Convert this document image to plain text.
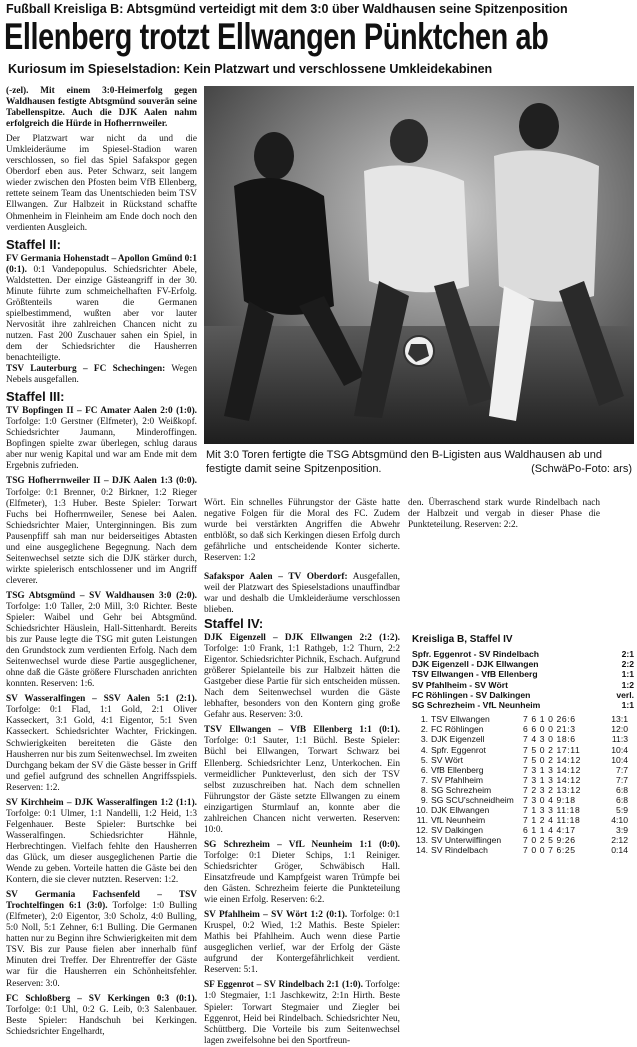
Fußball Kreisliga B: Abtsgmünd verteidigt mit dem 3:0 über Waldhausen seine Spitzenposition
Ellenberg trotzt Ellwangen Pünktchen ab
Kuriosum im Spieselstadion: Kein Platzwart und verschlossene Umkleidekabinen

(-zel). Mit einem 3:0-Heimerfolg gegen Waldhausen festigte Abtsgmünd souverän seine Tabellenspitze. Auch die DJK Aalen nahm erfolgreich die Hürde in Hofherrnweiler.

Der Platzwart war nicht da und die Umkleideräume im Spiesel-Stadion waren verschlossen, so fiel das Spiel Safakspor gegen Oberdorf eben aus. Peter Schwarz, seit langem wieder zwischen den Pfosten beim VfB Ellenberg, rettete seinem Team das Unentschieden beim TSV Ellwangen. Zur Halbzeit in Rückstand schaffte Ohmenheim in Fleinheim am Ende doch noch den verdienten Ausgleich.

Staffel II:

FV Germania Hohenstadt – Apollon Gmünd 0:1 (0:1). 0:1 Vandepopulus. Schiedsrichter Abele, Waldstetten. Der einzige Gästeangriff in der 30. Minute führte zum schmeichelhaften FV-Erfolg. Größtenteils waren die Germanen spielbestimmend, wußten aber vor lauter Nervosität ihre zahlreichen Chancen nicht zu nutzen. Fast 200 Zuschauer sahen ein Spiel, in dem der Schiedsrichter die Hausherren benachteiligte.

TSV Lauterburg – FC Schechingen: Wegen Nebels ausgefallen.

Staffel III:

TV Bopfingen II – FC Amater Aalen 2:0 (1:0). Torfolge: 1:0 Gerstner (Elfmeter), 2:0 Weißkopf. Schiedsrichter Jaumann, Minderoffingen. Bopfingen spielte zwar überlegen, schlug daraus aber nur wenig Kapital und war am Ende mit dem Ergebnis zufrieden.

TSG Hofherrnweiler II – DJK Aalen 1:3 (0:0). Torfolge: 0:1 Brenner, 0:2 Birkner, 1:2 Rieger (Elfmeter), 1:3 Huber. Beste Spieler: Torwart Fuchs bei Hofherrnweiler, Senese bei Aalen. Schiedsrichter Maier, Unterginningen. Bis zum Pausenpfiff sah man nur beiderseitiges Abtasten und eine ausgeglichene Begegnung. Nach dem Seitenwechsel setzte sich die DJK stärker durch, wirkte spielerisch entschlossener und im Angriff cleverer.

TSG Abtsgmünd – SV Waldhausen 3:0 (2:0). Torfolge: 1:0 Taller, 2:0 Mill, 3:0 Richter. Beste Spieler: Waibel und Gehr bei Abtsgmünd. Schiedsrichter Häuslein, Hall-Sittenhardt. Bereits bis zur Pause legte die TSG mit guten Leistungen den Grundstock zum verdienten Erfolg. Nach dem Seitenwechsel wurde diese Partie ausgeglichener, ohne daß die Gäste größere Flurschaden anrichten konnten. Reserven: 1:6.

SV Wasseralfingen – SSV Aalen 5:1 (2:1). Torfolge: 0:1 Flad, 1:1 Gold, 2:1 Oliver Kasseckert, 3:1 Gold, 4:1 Eigentor, 5:1 Sven Kasseckert. Schiedsrichter Wachter, Frickingen. Schwierigkeiten bereiteten die Gäste den Hausherren nur bis zum Seitenwechsel. Im zweiten Durchgang bekam der SV die Gäste besser in Griff und gefiel aufgrund des schnellen Angriffsspiels. Reserven: 1:2.

SV Kirchheim – DJK Wasseralfingen 1:2 (1:1). Torfolge: 0:1 Ulmer, 1:1 Nandelli, 1:2 Heid, 1:3 Felgenhauer. Beste Spieler: Burtschke bei Wasseralfingen. Schiedsrichter Hähnle, Herbrechtingen. Vielfach fehlte den Hausherren das Glück, um dieser ausgeglichenen Partie die Wende zu geben. Vorteile hatten die Gäste bei den Kontern, die sie clever nutzten. Reserven: 1:2.

SV Germania Fachsenfeld – TSV Trochtelfingen 6:1 (3:0). Torfolge: 1:0 Bulling (Elfmeter), 2:0 Eigentor, 3:0 Scholz, 4:0 Bulling, 5:0 Noll, 5:1 Zehner, 6:1 Bulling. Die Germanen hatten nur zu Beginn ihre Schwierigkeiten mit dem TSV. Bis zur Pause fielen aber innerhalb fünf Minuten drei Treffer. Der Ehrentreffer der Gäste war für die Hausherren ein Schönheitsfehler. Reserven: 3:0.

FC Schloßberg – SV Kerkingen 0:3 (0:1). Torfolge: 0:1 Uhl, 0:2 G. Leib, 0:3 Salenbauer. Beste Spieler: Handschuh bei Kerkingen. Schiedsrichter Engelhardt,

Mit 3:0 Toren fertigte die TSG Abtsgmünd den B-Ligisten aus Waldhausen ab und festigte damit seine Spitzenposition.	(SchwäPo-Foto: ars)

Wört. Ein schnelles Führungstor der Gäste hatte negative Folgen für die Moral des FC. Zudem wurde bei verstärkten Angriffen die Abwehr entblößt, so daß sich Kerkingen diesen Erfolg durch gefährliche und entscheidende Konter sicherte. Reserven: 1:2

Safakspor Aalen – TV Oberdorf: Ausgefallen, weil der Platzwart des Spieselstadions unauffindbar war und deshalb die Umkleideräume verschlossen blieben.

den. Überraschend stark wurde Rindelbach nach der Halbzeit und vergab in dieser Phase die Punkteteilung. Reserven: 2:2.

Staffel IV:

DJK Eigenzell – DJK Ellwangen 2:2 (1:2). Torfolge: 1:0 Frank, 1:1 Rathgeb, 1:2 Thurn, 2:2 Eigentor. Schiedsrichter Pichnik, Eschach. Aufgrund größerer Spielanteile bis zur Halbzeit hätten die Gastgeber diese Partie für sich entscheiden müssen. Nach dem Seitenwechsel wurden die Gäste lebhafter, besonders von den Kontern ging große Gefahr aus. Reserven: 3:0.

TSV Ellwangen – VfB Ellenberg 1:1 (0:1). Torfolge: 0:1 Sauter, 1:1 Büchl. Beste Spieler: Büchl bei Ellwangen, Torwart Schwarz bei Ellenberg. Schiedsrichter Lenz, Unterkochen. Ein vermeidlicher Punkteverlust, den sich der TSV selbst zuzuschreiben hat. Nach dem schnellen Führungstor der Gäste setzte Ellwangen zu einem einzigartigen Sturmlauf an, konnte aber die zahlreichen Chancen nicht verwerten. Reserven: 10:0.

SG Schrezheim – VfL Neunheim 1:1 (0:0). Torfolge: 0:1 Dieter Schips, 1:1 Reiniger. Schiedsrichter Gröger, Schwäbisch Hall. Einsatzfreude und Kampfgeist waren Trümpfe bei den Gästen. Schrezheim feierte die Punkteteilung wie einen Erfolg. Reserven: 6:2.

SV Pfahlheim – SV Wört 1:2 (0:1). Torfolge: 0:1 Kruspel, 0:2 Wied, 1:2 Mathis. Beste Spieler: Mathis bei Pfahlheim. Auch wenn diese Partie ausgeglichen verlief, war der Erfolg der Gäste aufgrund der Kontergefährlichkeit verdient. Reserven: 5:1.

SF Eggenrot – SV Rindelbach 2:1 (1:0). Torfolge: 1:0 Stegmaier, 1:1 Jaschkewitz, 2:1n Hirth. Beste Spieler: Torwart Stegmaier und Ziegler bei Eggenrot, Heid bei Rindelbach. Schiedsrichter Neu, Schüttberg. Die Vorteile bis zum Seitenwechsel lagen zweifelsohne bei den Sportfreun-

Kreisliga B, Staffel IV
Spfr. Eggenrot - SV Rindelbach	2:1
DJK Eigenzell - DJK Ellwangen	2:2
TSV Ellwangen - VfB Ellenberg	1:1
SV Pfahlheim - SV Wört	1:2
FC Röhlingen - SV Dalkingen	verl.
SG Schrezheim - VfL Neunheim	1:1
1. TSV Ellwangen	7 6 1 0 26:6	13:1
2. FC Röhlingen	6 6 0 0 21:3	12:0
3. DJK Eigenzell	7 4 3 0 18:6	11:3
4. Spfr. Eggenrot	7 5 0 2 17:11	10:4
5. SV Wört	7 5 0 2 14:12	10:4
6. VfB Ellenberg	7 3 1 3 14:12	7:7
7. SV Pfahlheim	7 3 1 3 14:12	7:7
8. SG Schrezheim	7 2 3 2 13:12	6:8
9. SG SCU'schneidheim 7 3 0 4 9:18	6:8
10. DJK Ellwangen	7 1 3 3 11:18	5:9
11. VfL Neunheim	7 1 2 4 11:18	4:10
12. SV Dalkingen	6 1 1 4 4:17	3:9
13. SV Unterwilflingen	7 0 2 5 9:26	2:12
14. SV Rindelbach	7 0 0 7 6:25	0:14
